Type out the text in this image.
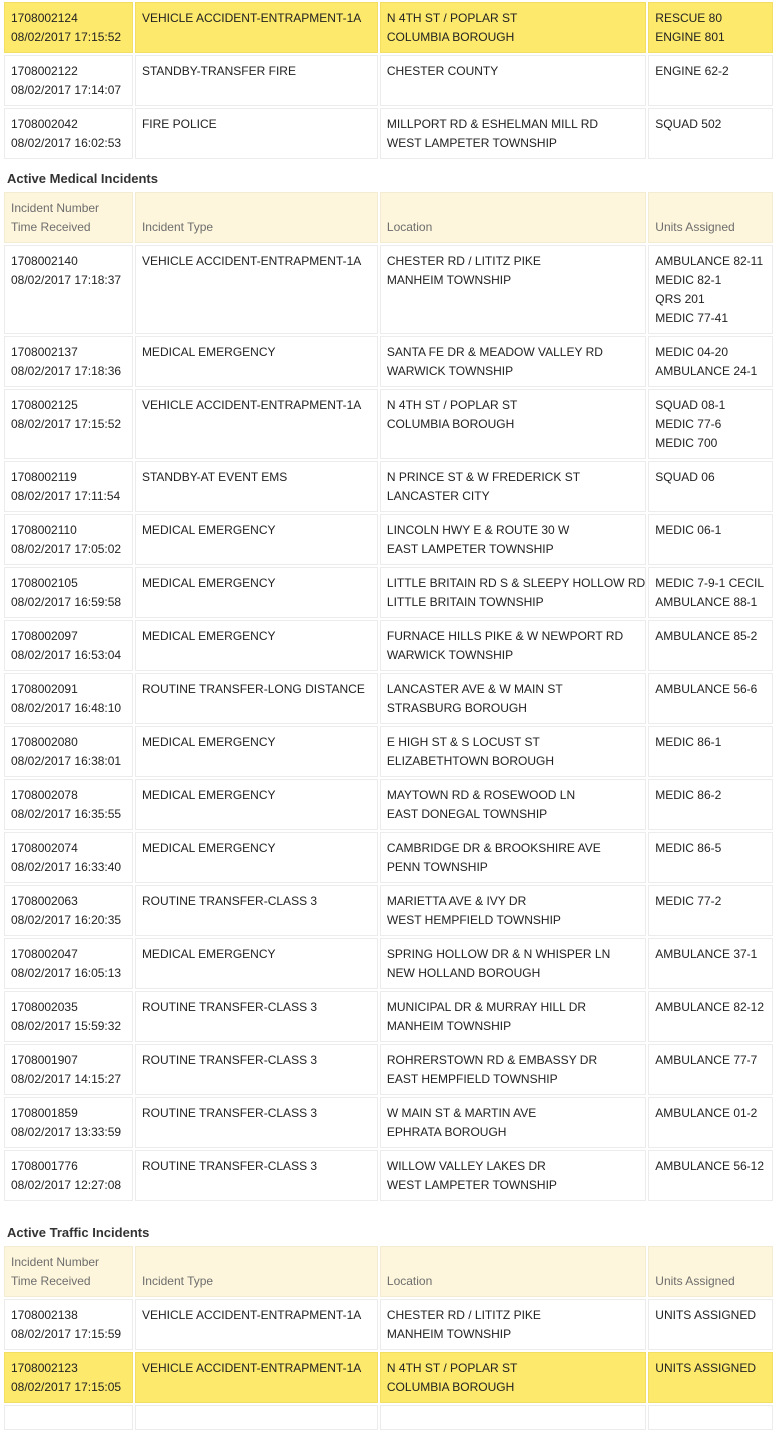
1708002124
08/02/2017 17:15:52	VEHICLE ACCIDENT-ENTRAPMENT-1A	N 4TH ST / POPLAR ST
COLUMBIA BOROUGH	RESCUE 80
ENGINE 801

1708002122
08/02/2017 17:14:07	STANDBY-TRANSFER FIRE	CHESTER COUNTY	ENGINE 62-2

1708002042
08/02/2017 16:02:53	FIRE POLICE	MILLPORT RD & ESHELMAN MILL RD
WEST LAMPETER TOWNSHIP	SQUAD 502
Active Medical Incidents
Incident Number
Time Received	Incident Type	Location	Units Assigned

1708002140
08/02/2017 17:18:37	VEHICLE ACCIDENT-ENTRAPMENT-1A	CHESTER RD / LITITZ PIKE
MANHEIM TOWNSHIP	AMBULANCE 82-11
MEDIC 82-1
QRS 201
MEDIC 77-41

1708002137
08/02/2017 17:18:36	MEDICAL EMERGENCY	SANTA FE DR & MEADOW VALLEY RD
WARWICK TOWNSHIP	MEDIC 04-20
AMBULANCE 24-1

1708002125
08/02/2017 17:15:52	VEHICLE ACCIDENT-ENTRAPMENT-1A	N 4TH ST / POPLAR ST
COLUMBIA BOROUGH	SQUAD 08-1
MEDIC 77-6
MEDIC 700

1708002119
08/02/2017 17:11:54	STANDBY-AT EVENT EMS	N PRINCE ST & W FREDERICK ST
LANCASTER CITY	SQUAD 06

1708002110
08/02/2017 17:05:02	MEDICAL EMERGENCY	LINCOLN HWY E & ROUTE 30 W
EAST LAMPETER TOWNSHIP	MEDIC 06-1

1708002105
08/02/2017 16:59:58	MEDICAL EMERGENCY	LITTLE BRITAIN RD S & SLEEPY HOLLOW RD
LITTLE BRITAIN TOWNSHIP	MEDIC 7-9-1 CECIL
AMBULANCE 88-1

1708002097
08/02/2017 16:53:04	MEDICAL EMERGENCY	FURNACE HILLS PIKE & W NEWPORT RD
WARWICK TOWNSHIP	AMBULANCE 85-2

1708002091
08/02/2017 16:48:10	ROUTINE TRANSFER-LONG DISTANCE	LANCASTER AVE & W MAIN ST
STRASBURG BOROUGH	AMBULANCE 56-6

1708002080
08/02/2017 16:38:01	MEDICAL EMERGENCY	E HIGH ST & S LOCUST ST
ELIZABETHTOWN BOROUGH	MEDIC 86-1

1708002078
08/02/2017 16:35:55	MEDICAL EMERGENCY	MAYTOWN RD & ROSEWOOD LN
EAST DONEGAL TOWNSHIP	MEDIC 86-2

1708002074
08/02/2017 16:33:40	MEDICAL EMERGENCY	CAMBRIDGE DR & BROOKSHIRE AVE
PENN TOWNSHIP	MEDIC 86-5

1708002063
08/02/2017 16:20:35	ROUTINE TRANSFER-CLASS 3	MARIETTA AVE & IVY DR
WEST HEMPFIELD TOWNSHIP	MEDIC 77-2

1708002047
08/02/2017 16:05:13	MEDICAL EMERGENCY	SPRING HOLLOW DR & N WHISPER LN
NEW HOLLAND BOROUGH	AMBULANCE 37-1

1708002035
08/02/2017 15:59:32	ROUTINE TRANSFER-CLASS 3	MUNICIPAL DR & MURRAY HILL DR
MANHEIM TOWNSHIP	AMBULANCE 82-12

1708001907
08/02/2017 14:15:27	ROUTINE TRANSFER-CLASS 3	ROHRERSTOWN RD & EMBASSY DR
EAST HEMPFIELD TOWNSHIP	AMBULANCE 77-7

1708001859
08/02/2017 13:33:59	ROUTINE TRANSFER-CLASS 3	W MAIN ST & MARTIN AVE
EPHRATA BOROUGH	AMBULANCE 01-2

1708001776
08/02/2017 12:27:08	ROUTINE TRANSFER-CLASS 3	WILLOW VALLEY LAKES DR
WEST LAMPETER TOWNSHIP	AMBULANCE 56-12
Active Traffic Incidents
Incident Number
Time Received	Incident Type	Location	Units Assigned

1708002138
08/02/2017 17:15:59	VEHICLE ACCIDENT-ENTRAPMENT-1A	CHESTER RD / LITITZ PIKE
MANHEIM TOWNSHIP	UNITS ASSIGNED

1708002123
08/02/2017 17:15:05	VEHICLE ACCIDENT-ENTRAPMENT-1A	N 4TH ST / POPLAR ST
COLUMBIA BOROUGH	UNITS ASSIGNED
